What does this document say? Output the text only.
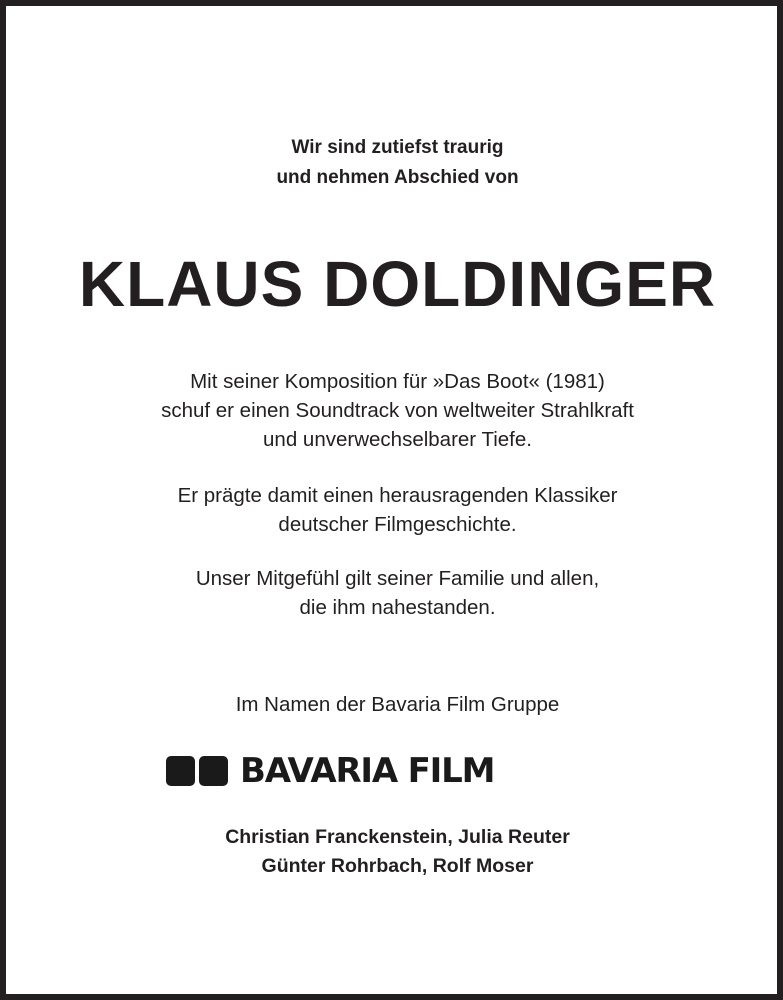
Wir sind zutiefst traurig
und nehmen Abschied von
KLAUS DOLDINGER
Mit seiner Komposition für »Das Boot« (1981)
schuf er einen Soundtrack von weltweiter Strahlkraft
und unverwechselbarer Tiefe.
Er prägte damit einen herausragenden Klassiker
deutscher Filmgeschichte.
Unser Mitgefühl gilt seiner Familie und allen,
die ihm nahestanden.
Im Namen der Bavaria Film Gruppe
BAVARIA FILM
Christian Franckenstein, Julia Reuter
Günter Rohrbach, Rolf Moser
